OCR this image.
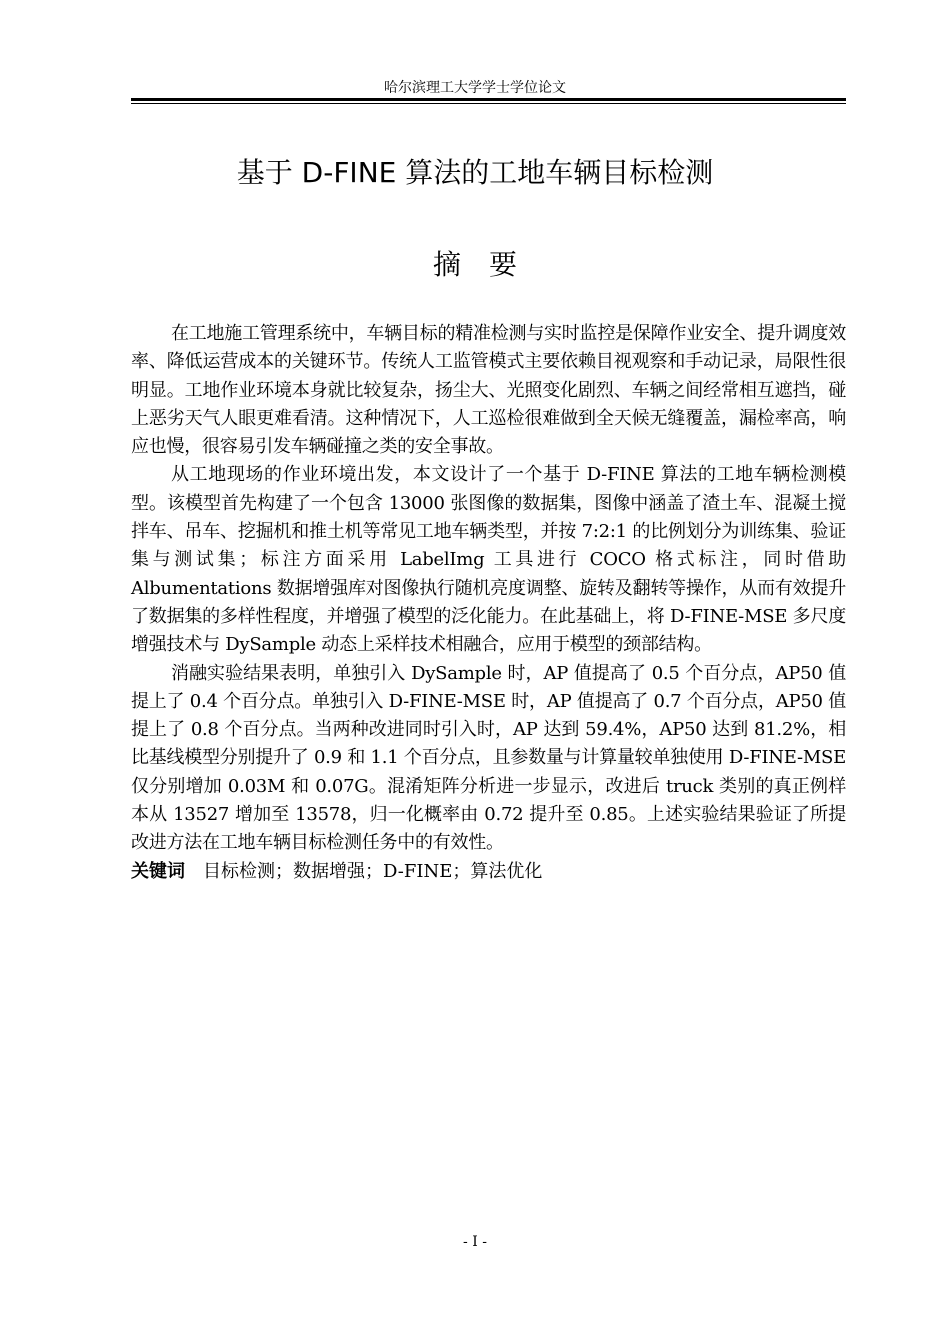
哈尔滨理工大学学士学位论文
基于 D-FINE 算法的工地车辆目标检测
摘要

在工地施工管理系统中，车辆目标的精准检测与实时监控是保障作业安全、提升调度效率、降低运营成本的关键环节。传统人工监管模式主要依赖目视观察和手动记录，局限性很明显。工地作业环境本身就比较复杂，扬尘大、光照变化剧烈、车辆之间经常相互遮挡，碰上恶劣天气人眼更难看清。这种情况下，人工巡检很难做到全天候无缝覆盖，漏检率高，响应也慢，很容易引发车辆碰撞之类的安全事故。

从工地现场的作业环境出发，本文设计了一个基于 D-FINE 算法的工地车辆检测模型。该模型首先构建了一个包含 13000 张图像的数据集，图像中涵盖了渣土车、混凝土搅拌车、吊车、挖掘机和推土机等常见工地车辆类型，并按 7:2:1 的比例划分为训练集、验证集与测试集；标注方面采用 LabelImg 工具进行 COCO 格式标注，同时借助 Albumentations 数据增强库对图像执行随机亮度调整、旋转及翻转等操作，从而有效提升了数据集的多样性程度，并增强了模型的泛化能力。在此基础上，将 D-FINE-MSE 多尺度增强技术与 DySample 动态上采样技术相融合，应用于模型的颈部结构。

消融实验结果表明，单独引入 DySample 时，AP 值提高了 0.5 个百分点，AP50 值提上了 0.4 个百分点。单独引入 D-FINE-MSE 时，AP 值提高了 0.7 个百分点，AP50 值提上了 0.8 个百分点。当两种改进同时引入时，AP 达到 59.4%，AP50 达到 81.2%，相比基线模型分别提升了 0.9 和 1.1 个百分点，且参数量与计算量较单独使用 D-FINE-MSE 仅分别增加 0.03M 和 0.07G。混淆矩阵分析进一步显示，改进后 truck 类别的真正例样本从 13527 增加至 13578，归一化概率由 0.72 提升至 0.85。上述实验结果验证了所提改进方法在工地车辆目标检测任务中的有效性。

关键词 目标检测；数据增强；D-FINE；算法优化
- I -
